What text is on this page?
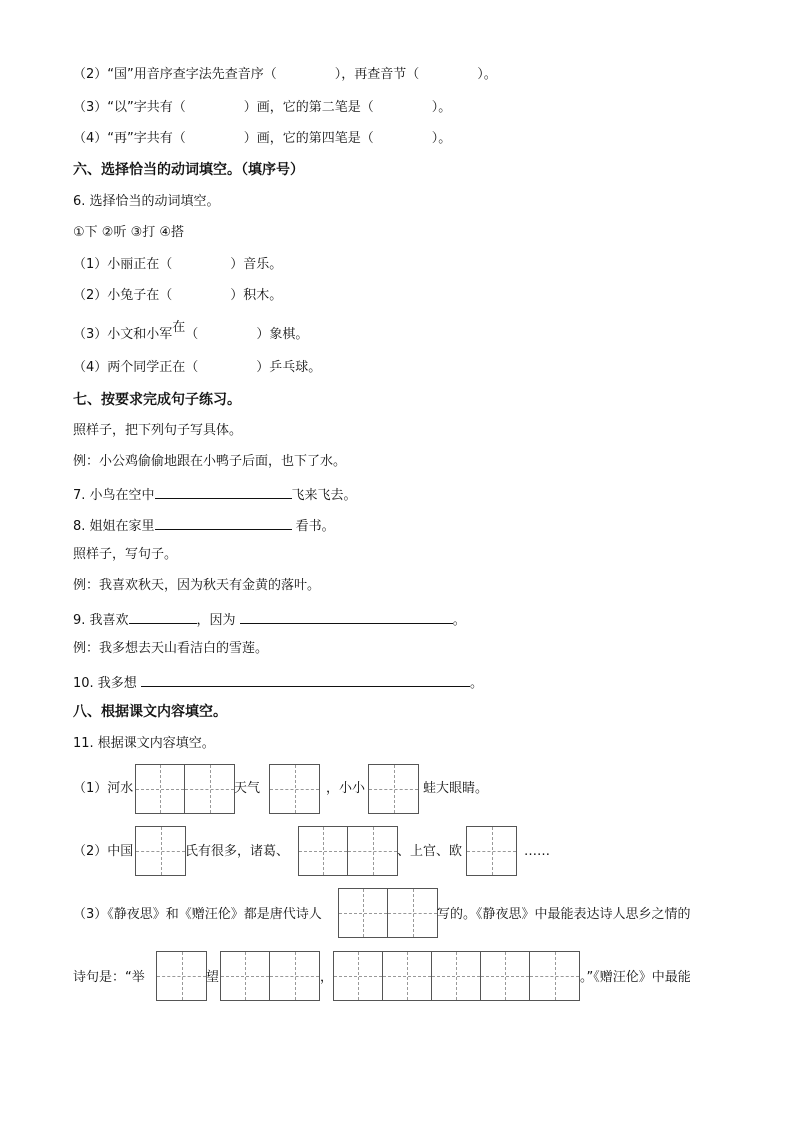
（2）“国”用音序查字法先查音序（	），再查音节（	）。
（3）“以”字共有（	）画，它的第二笔是（	）。
（4）“再”字共有（	）画，它的第四笔是（	）。
六、选择恰当的动词填空。（填序号）
6. 选择恰当的动词填空。
①下 ②听 ③打 ④搭
（1）小丽正在（	）音乐。
（2）小兔子在（	）积木。
（3）小文和小军在（	）象棋。
（4）两个同学正在（	）乒乓球。
七、按要求完成句子练习。
照样子，把下列句子写具体。
例：小公鸡偷偷地跟在小鸭子后面，也下了水。
7. 小鸟在空中	飞来飞去。
8. 姐姐在家里	看书。
照样子，写句子。
例：我喜欢秋天，因为秋天有金黄的落叶。
9. 我喜欢	，因为	。
例：我多想去天山看洁白的雪莲。
10. 我多想	。
八、根据课文内容填空。
11. 根据课文内容填空。
（1）河水	天气	，小小	蛙大眼睛。
（2）中国	氏有很多，诸葛、	、上官、欧	……
（3）《静夜思》和《赠汪伦》都是唐代诗人	写的。《静夜思》中最能表达诗人思乡之情的
诗句是：“举	望	，	。”《赠汪伦》中最能
